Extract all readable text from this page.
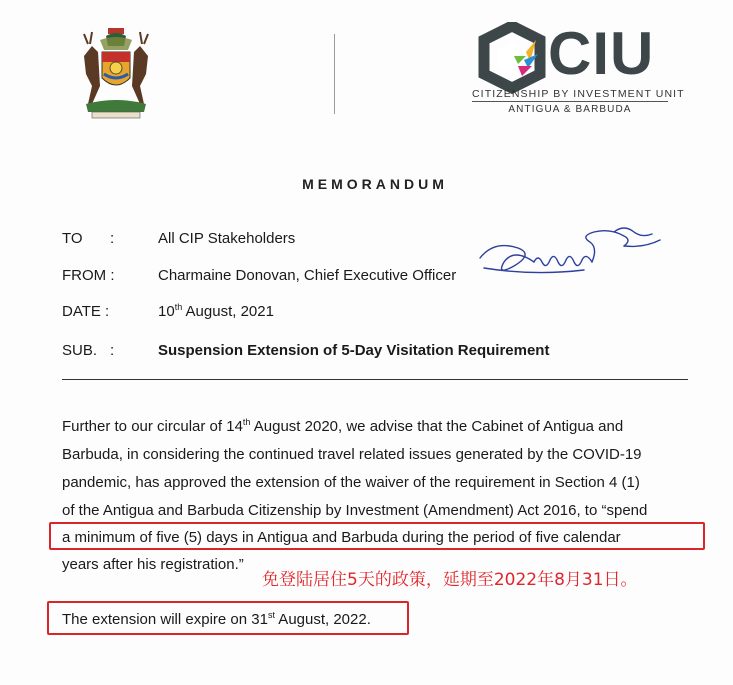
CIU
CITIZENSHIP BY INVESTMENT UNIT
ANTIGUA & BARBUDA
MEMORANDUM
TO :	All CIP Stakeholders
FROM :	Charmaine Donovan, Chief Executive Officer
DATE :	10th August, 2021
SUB. :	Suspension Extension of 5-Day Visitation Requirement
Further to our circular of 14th August 2020, we advise that the Cabinet of Antigua and
Barbuda, in considering the continued travel related issues generated by the COVID-19
pandemic, has approved the extension of the waiver of the requirement in Section 4 (1)
of the Antigua and Barbuda Citizenship by Investment (Amendment) Act 2016, to “spend
a minimum of five (5) days in Antigua and Barbuda during the period of five calendar
years after his registration.”
免登陆居住5天的政策，延期至2022年8月31日。
The extension will expire on 31st August, 2022.
